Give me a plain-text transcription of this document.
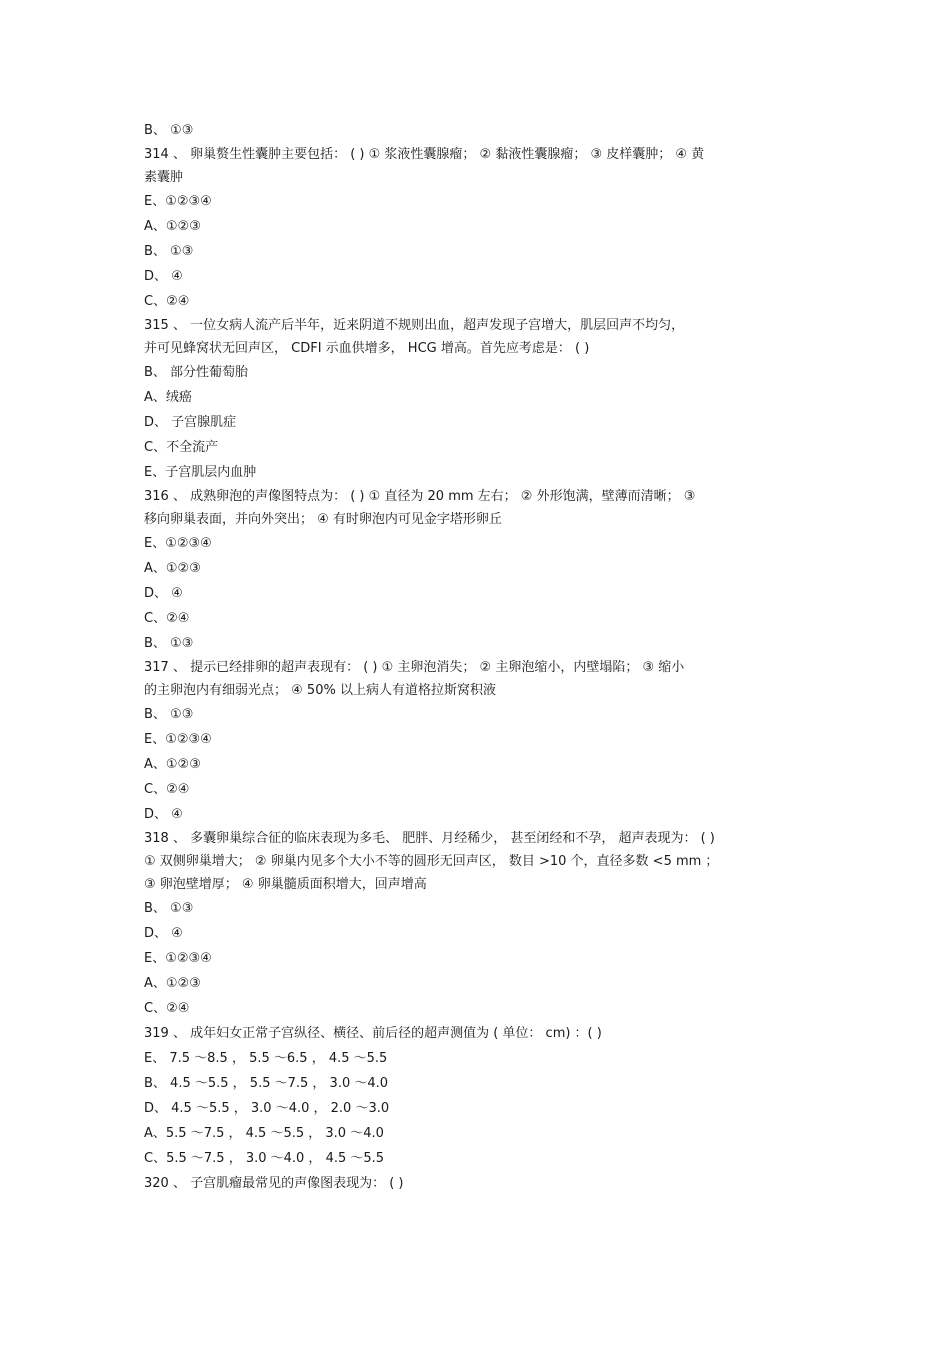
B、 ①③
314 、 卵巢赘生性囊肿主要包括： ( ) ① 浆液性囊腺瘤； ② 黏液性囊腺瘤； ③ 皮样囊肿； ④ 黄
素囊肿
E、①②③④
A、①②③
B、 ①③
D、 ④
C、②④
315 、 一位女病人流产后半年，近来阴道不规则出血，超声发现子宫增大，肌层回声不均匀，
并可见蜂窝状无回声区， CDFI 示血供增多， HCG 增高。首先应考虑是： ( )
B、 部分性葡萄胎
A、绒癌
D、 子宫腺肌症
C、不全流产
E、子宫肌层内血肿
316 、 成熟卵泡的声像图特点为： ( ) ① 直径为 20 mm 左右； ② 外形饱满，壁薄而清晰； ③
移向卵巢表面，并向外突出； ④ 有时卵泡内可见金字塔形卵丘
E、①②③④
A、①②③
D、 ④
C、②④
B、 ①③
317 、 提示已经排卵的超声表现有： ( ) ① 主卵泡消失； ② 主卵泡缩小，内壁塌陷； ③ 缩小
的主卵泡内有细弱光点； ④ 50% 以上病人有道格拉斯窝积液
B、 ①③
E、①②③④
A、①②③
C、②④
D、 ④
318 、 多囊卵巢综合征的临床表现为多毛、 肥胖、月经稀少， 甚至闭经和不孕， 超声表现为： ( )
① 双侧卵巢增大； ② 卵巢内见多个大小不等的圆形无回声区， 数目 >10 个，直径多数 <5 mm ；
③ 卵泡壁增厚； ④ 卵巢髓质面积增大，回声增高
B、 ①③
D、 ④
E、①②③④
A、①②③
C、②④
319 、 成年妇女正常子宫纵径、横径、前后径的超声测值为 ( 单位： cm) ：( )
E、 7.5 ～8.5 ， 5.5 ～6.5 ， 4.5 ～5.5
B、 4.5 ～5.5 ， 5.5 ～7.5 ， 3.0 ～4.0
D、 4.5 ～5.5 ， 3.0 ～4.0 ， 2.0 ～3.0
A、5.5 ～7.5 ， 4.5 ～5.5 ， 3.0 ～4.0
C、5.5 ～7.5 ， 3.0 ～4.0 ， 4.5 ～5.5
320 、 子宫肌瘤最常见的声像图表现为： ( )
